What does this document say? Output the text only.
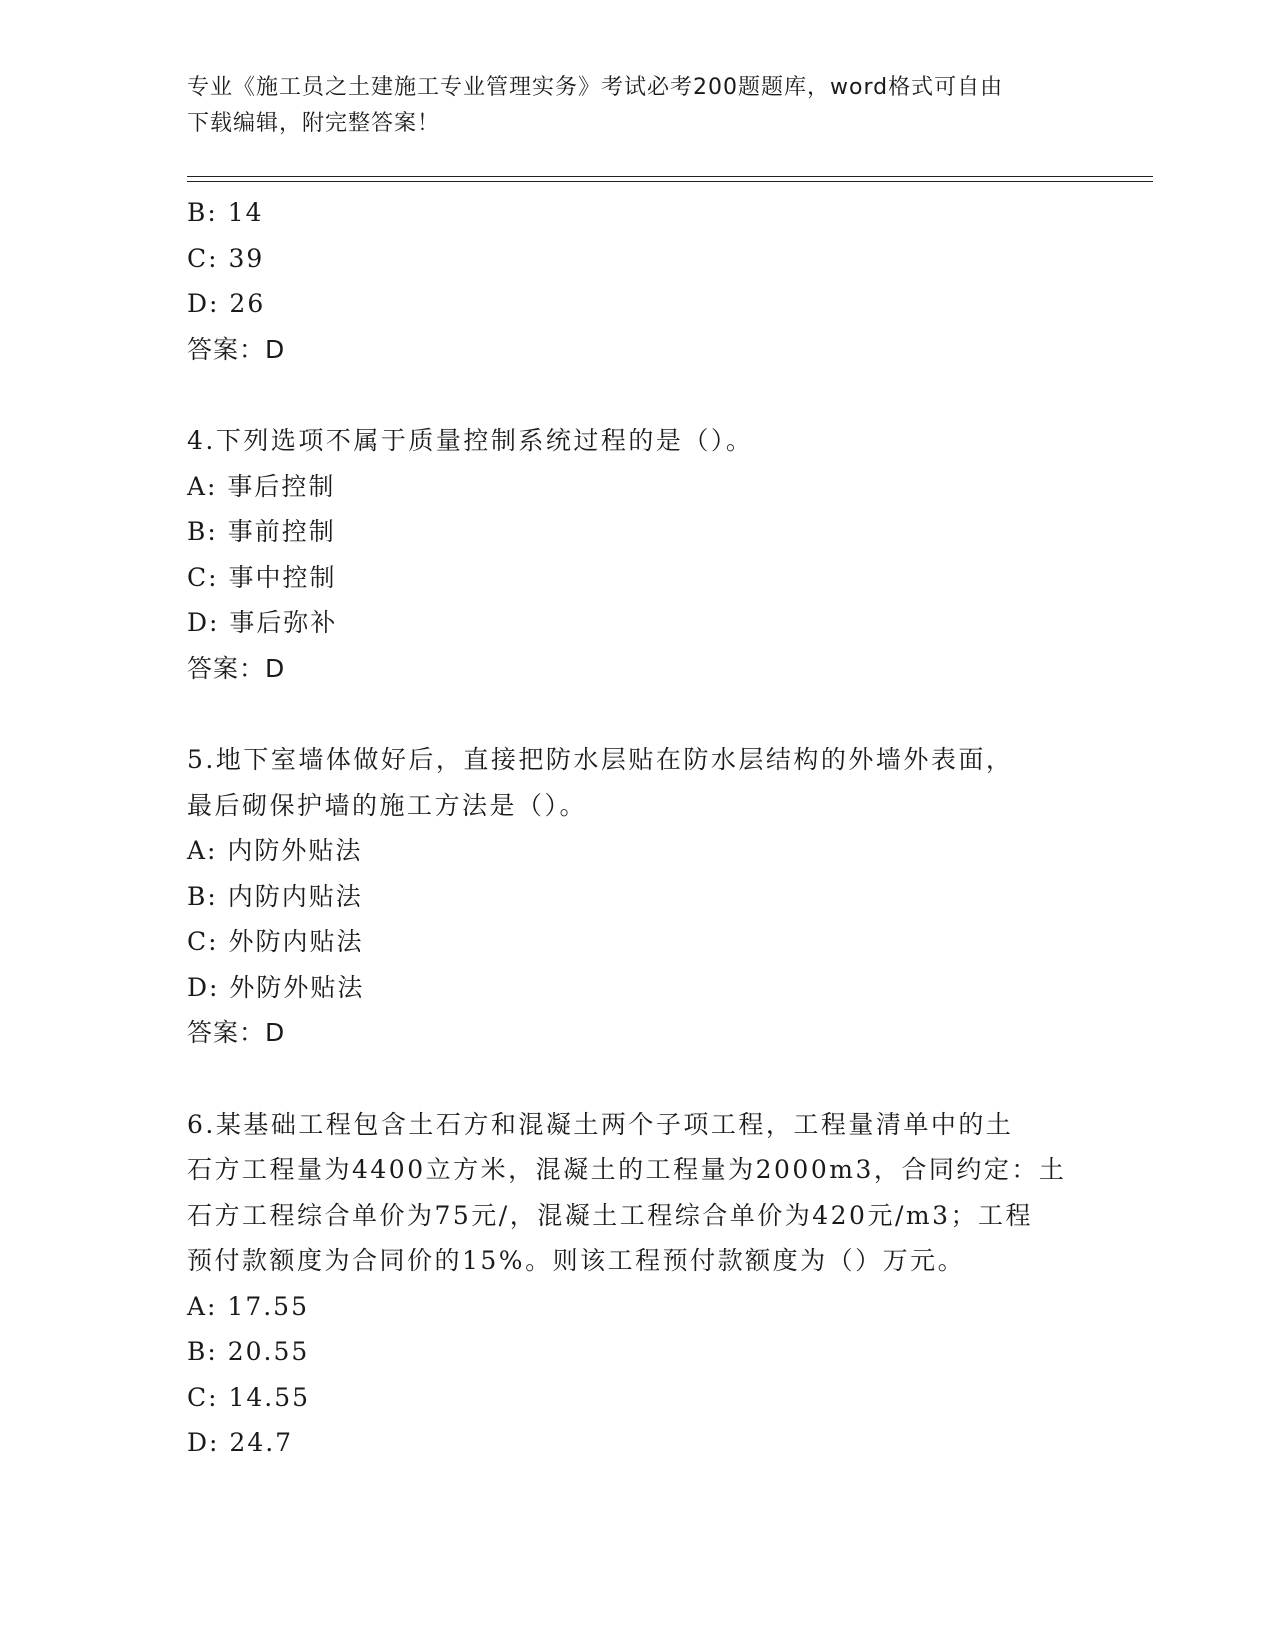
专业《施工员之土建施工专业管理实务》考试必考200题题库，word格式可自由
下载编辑，附完整答案！
B: 14
C: 39
D: 26
答案：D
4.下列选项不属于质量控制系统过程的是（）。
A: 事后控制
B: 事前控制
C: 事中控制
D: 事后弥补
答案：D
5.地下室墙体做好后，直接把防水层贴在防水层结构的外墙外表面，
最后砌保护墙的施工方法是（）。
A: 内防外贴法
B: 内防内贴法
C: 外防内贴法
D: 外防外贴法
答案：D
6.某基础工程包含土石方和混凝土两个子项工程，工程量清单中的土
石方工程量为4400立方米，混凝土的工程量为2000m3，合同约定：土
石方工程综合单价为75元/，混凝土工程综合单价为420元/m3；工程
预付款额度为合同价的15%。则该工程预付款额度为（）万元。
A: 17.55
B: 20.55
C: 14.55
D: 24.7
